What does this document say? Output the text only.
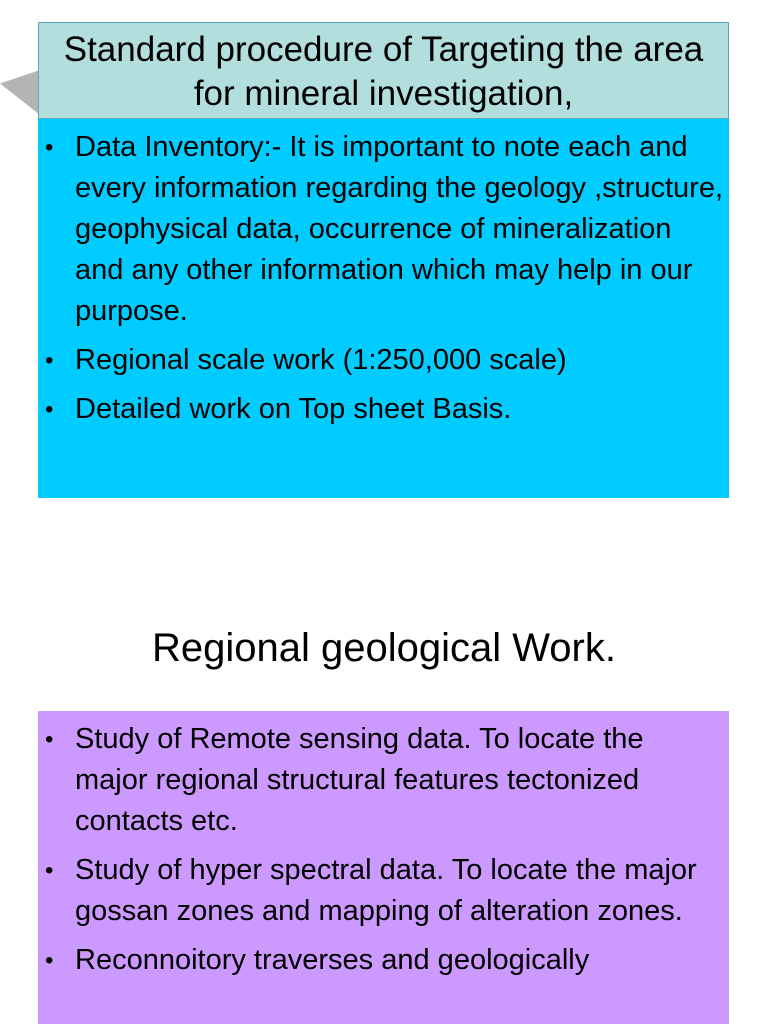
Standard procedure of Targeting the area for mineral investigation,
• Data Inventory:- It is important to note each and every information regarding the geology ,structure, geophysical data, occurrence of mineralization and any other information which may help in our purpose.
• Regional scale work (1:250,000 scale)
• Detailed work on Top sheet Basis.
Regional geological Work.
• Study of Remote sensing data. To locate the major regional structural features tectonized contacts etc.
• Study of hyper spectral data. To locate the major gossan zones and mapping of alteration zones.
• Reconnoitory traverses and geologically
